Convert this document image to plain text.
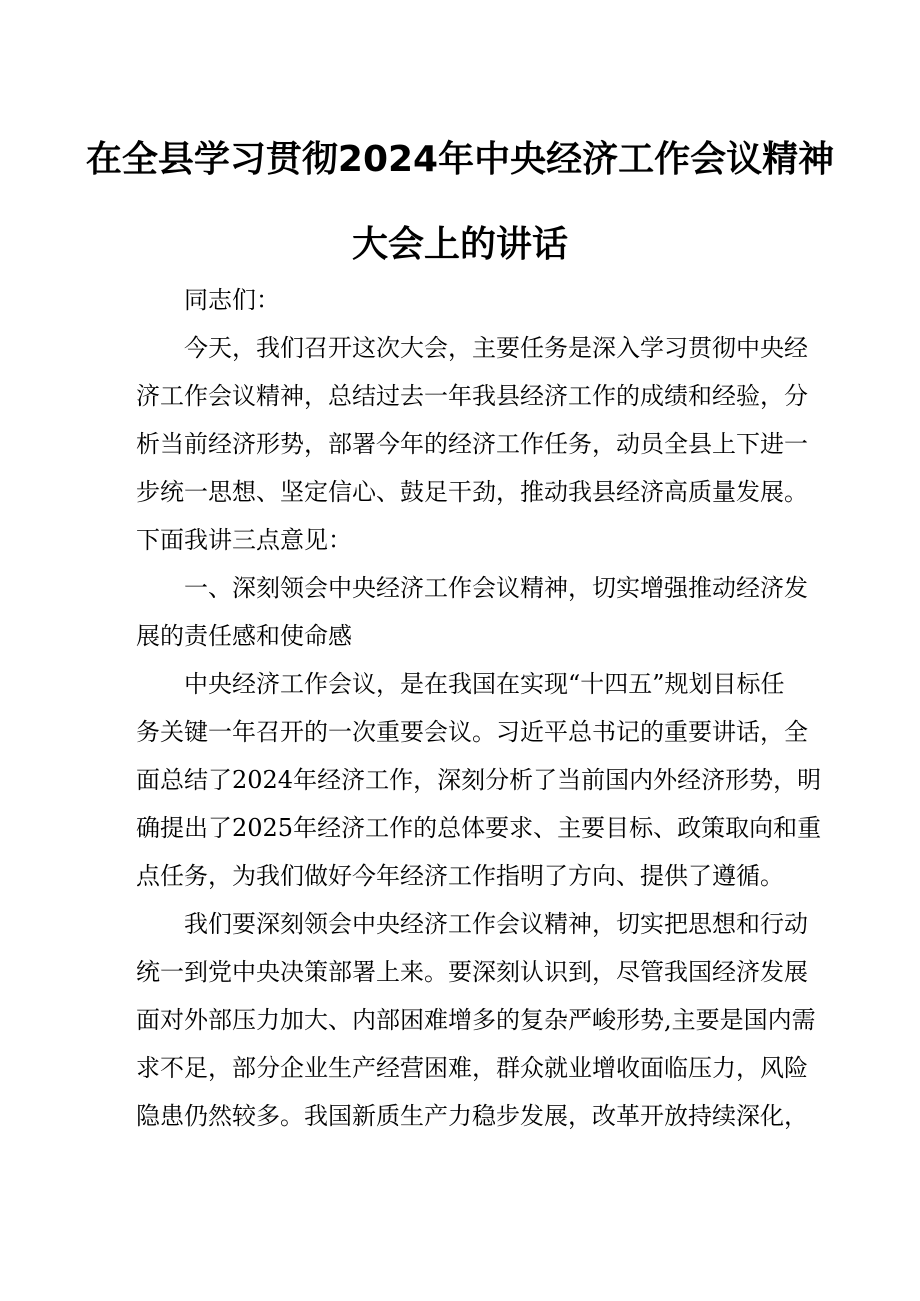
在全县学习贯彻2024年中央经济工作会议精神
大会上的讲话
同志们：
今天，我们召开这次大会，主要任务是深入学习贯彻中央经
济工作会议精神，总结过去一年我县经济工作的成绩和经验，分
析当前经济形势，部署今年的经济工作任务，动员全县上下进一
步统一思想、坚定信心、鼓足干劲，推动我县经济高质量发展。
下面我讲三点意见：
一、深刻领会中央经济工作会议精神，切实增强推动经济发
展的责任感和使命感
中央经济工作会议，是在我国在实现“十四五”规划目标任
务关键一年召开的一次重要会议。习近平总书记的重要讲话，全
面总结了2024年经济工作，深刻分析了当前国内外经济形势，明
确提出了2025年经济工作的总体要求、主要目标、政策取向和重
点任务，为我们做好今年经济工作指明了方向、提供了遵循。
我们要深刻领会中央经济工作会议精神，切实把思想和行动
统一到党中央决策部署上来。要深刻认识到，尽管我国经济发展
面对外部压力加大、内部困难增多的复杂严峻形势,主要是国内需
求不足，部分企业生产经营困难，群众就业增收面临压力，风险
隐患仍然较多。我国新质生产力稳步发展，改革开放持续深化，
